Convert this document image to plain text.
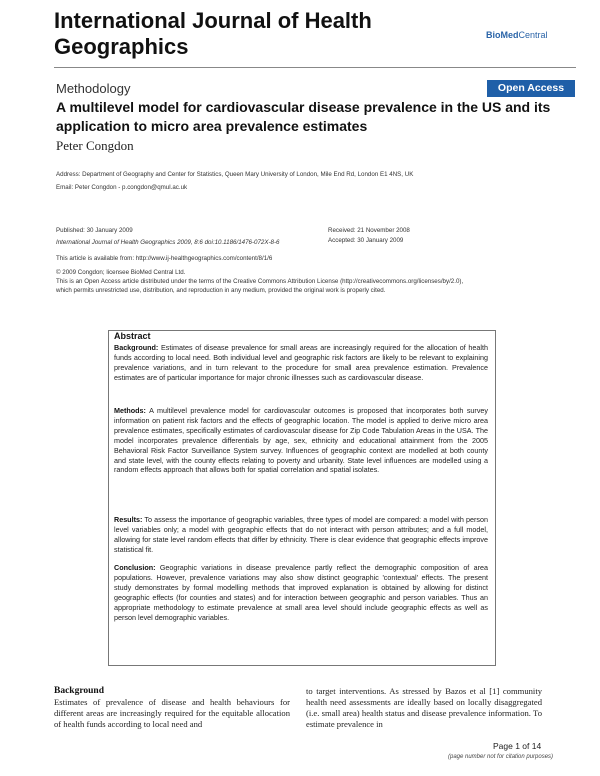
International Journal of Health Geographics	BioMedCentral
Methodology	Open Access
A multilevel model for cardiovascular disease prevalence in the US and its application to micro area prevalence estimates
Peter Congdon
Address: Department of Geography and Center for Statistics, Queen Mary University of London, Mile End Rd, London E1 4NS, UK
Email: Peter Congdon - p.congdon@qmul.ac.uk
Published: 30 January 2009
International Journal of Health Geographics 2009, 8:6 doi:10.1186/1476-072X-8-6
Received: 21 November 2008
Accepted: 30 January 2009
This article is available from: http://www.ij-healthgeographics.com/content/8/1/6
© 2009 Congdon; licensee BioMed Central Ltd.
This is an Open Access article distributed under the terms of the Creative Commons Attribution License (http://creativecommons.org/licenses/by/2.0),
which permits unrestricted use, distribution, and reproduction in any medium, provided the original work is properly cited.
Abstract
Background: Estimates of disease prevalence for small areas are increasingly required for the allocation of health funds according to local need. Both individual level and geographic risk factors are likely to be relevant to explaining prevalence variations, and in turn relevant to the procedure for small area prevalence estimation. Prevalence estimates are of particular importance for major chronic illnesses such as cardiovascular disease.
Methods: A multilevel prevalence model for cardiovascular outcomes is proposed that incorporates both survey information on patient risk factors and the effects of geographic location. The model is applied to derive micro area prevalence estimates, specifically estimates of cardiovascular disease for Zip Code Tabulation Areas in the USA. The model incorporates prevalence differentials by age, sex, ethnicity and educational attainment from the 2005 Behavioral Risk Factor Surveillance System survey. Influences of geographic context are modelled at both county and state level, with the county effects relating to poverty and urbanity. State level influences are modelled using a random effects approach that allows both for spatial correlation and spatial isolates.
Results: To assess the importance of geographic variables, three types of model are compared: a model with person level variables only; a model with geographic effects that do not interact with person attributes; and a full model, allowing for state level random effects that differ by ethnicity. There is clear evidence that geographic effects improve statistical fit.
Conclusion: Geographic variations in disease prevalence partly reflect the demographic composition of area populations. However, prevalence variations may also show distinct geographic 'contextual' effects. The present study demonstrates by formal modelling methods that improved explanation is obtained by allowing for distinct geographic effects (for counties and states) and for interaction between geographic and person variables. Thus an appropriate methodology to estimate prevalence at small area level should include geographic effects as well as person level demographic variables.
Background
Estimates of prevalence of disease and health behaviours for different areas are increasingly required for the equitable allocation of health funds according to local need and
to target interventions. As stressed by Bazos et al [1] community health need assessments are ideally based on locally disaggregated (i.e. small area) health status and disease prevalence information. To estimate prevalence in
Page 1 of 14
(page number not for citation purposes)
